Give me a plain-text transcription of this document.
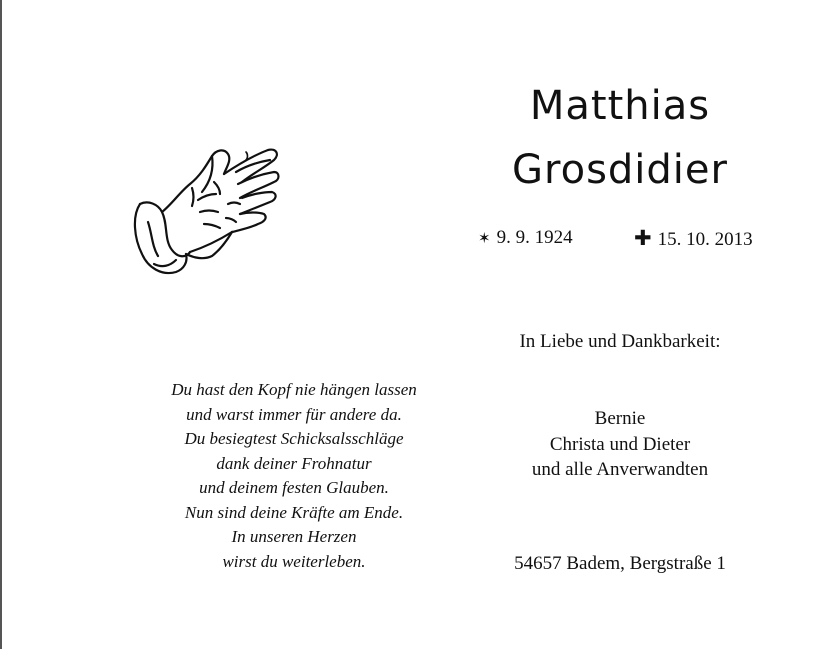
Du hast den Kopf nie hängen lassen
und warst immer für andere da.
Du besiegtest Schicksalsschläge
dank deiner Frohnatur
und deinem festen Glauben.
Nun sind deine Kräfte am Ende.
In unseren Herzen
wirst du weiterleben.
Matthias
Grosdidier
✶ 9. 9. 1924	✚ 15. 10. 2013
In Liebe und Dankbarkeit:
Bernie
Christa und Dieter
und alle Anverwandten
54657 Badem, Bergstraße 1
